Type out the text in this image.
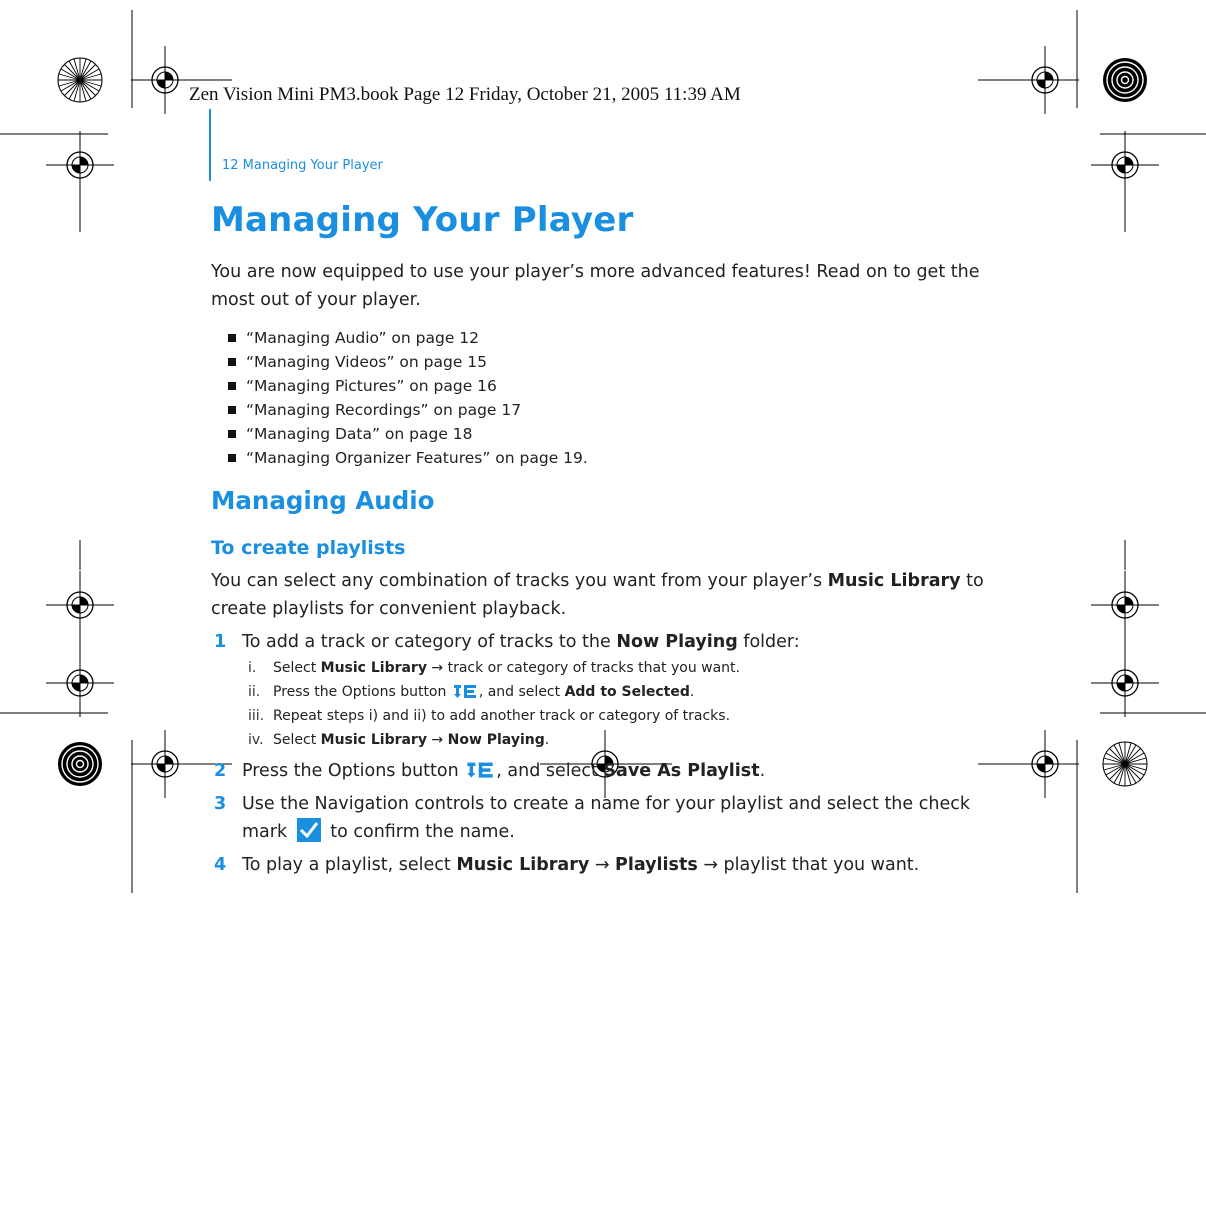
Zen Vision Mini PM3.book Page 12 Friday, October 21, 2005 11:39 AM
12 Managing Your Player
Managing Your Player

You are now equipped to use your player’s more advanced features! Read on to get the most out of your player.

“Managing Audio” on page 12
“Managing Videos” on page 15
“Managing Pictures” on page 16
“Managing Recordings” on page 17
“Managing Data” on page 18
“Managing Organizer Features” on page 19.
Managing Audio
To create playlists

You can select any combination of tracks you want from your player’s Music Library to create playlists for convenient playback.

1 To add a track or category of tracks to the Now Playing folder:
i. Select Music Library → track or category of tracks that you want.
ii. Press the Options button , and select Add to Selected.
iii. Repeat steps i) and ii) to add another track or category of tracks.
iv. Select Music Library → Now Playing.
2 Press the Options button , and select Save As Playlist.
3 Use the Navigation controls to create a name for your playlist and select the check mark  to confirm the name.
4 To play a playlist, select Music Library → Playlists → playlist that you want.
